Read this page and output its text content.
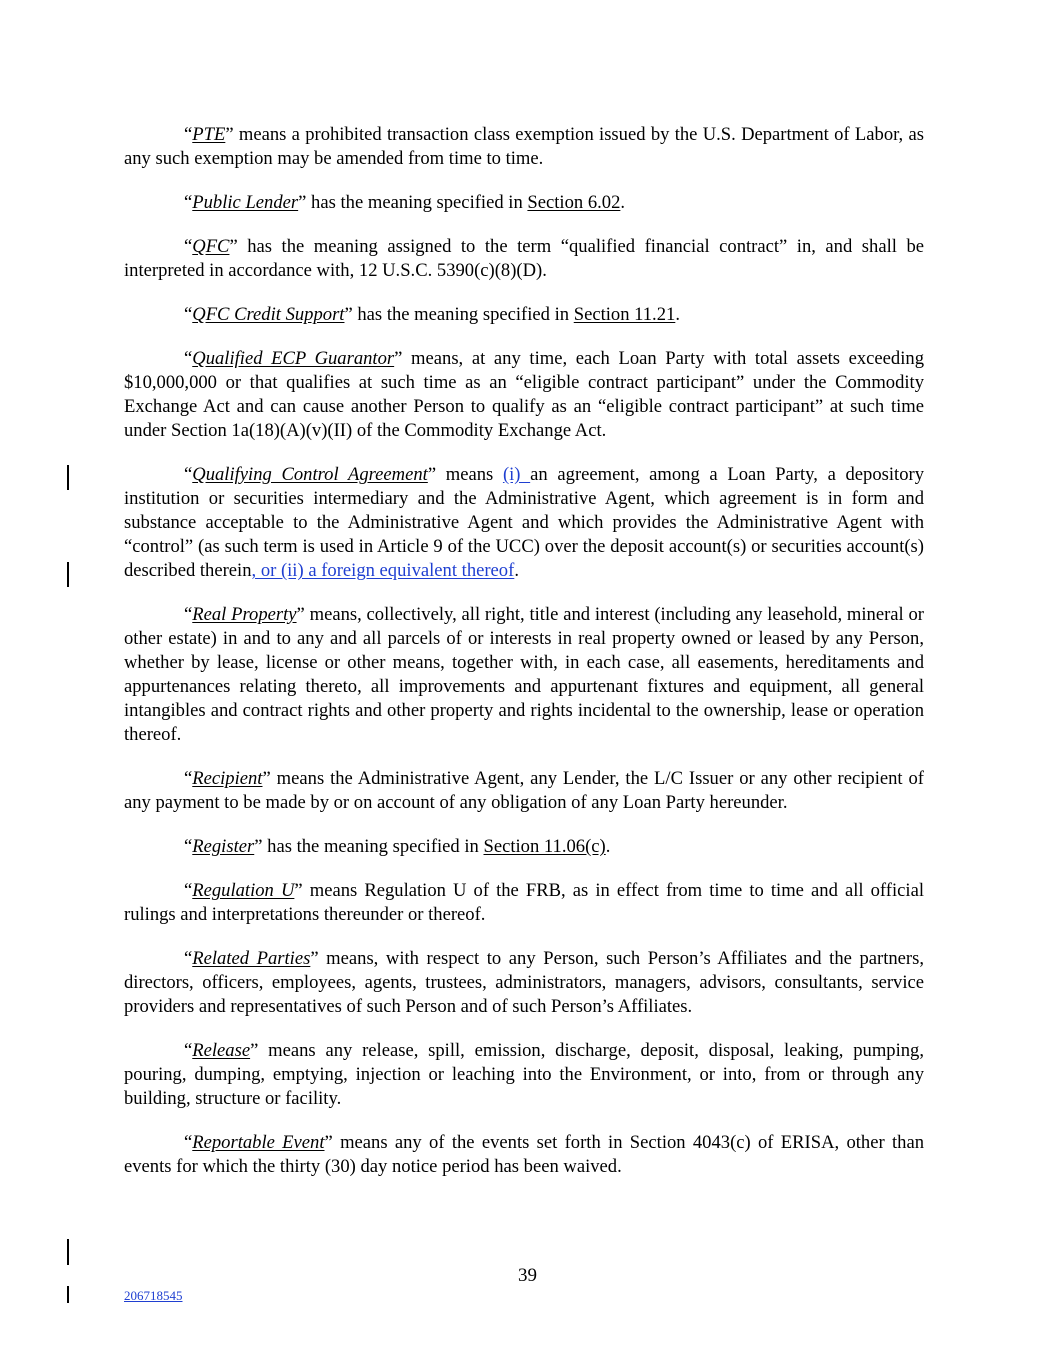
“PTE” means a prohibited transaction class exemption issued by the U.S. Department of Labor, as any such exemption may be amended from time to time.

“Public Lender” has the meaning specified in Section 6.02.

“QFC” has the meaning assigned to the term “qualified financial contract” in, and shall be interpreted in accordance with, 12 U.S.C. 5390(c)(8)(D).

“QFC Credit Support” has the meaning specified in Section 11.21.

“Qualified ECP Guarantor” means, at any time, each Loan Party with total assets exceeding $10,000,000 or that qualifies at such time as an “eligible contract participant” under the Commodity Exchange Act and can cause another Person to qualify as an “eligible contract participant” at such time under Section 1a(18)(A)(v)(II) of the Commodity Exchange Act.

“Qualifying Control Agreement” means (i) an agreement, among a Loan Party, a depository institution or securities intermediary and the Administrative Agent, which agreement is in form and substance acceptable to the Administrative Agent and which provides the Administrative Agent with “control” (as such term is used in Article 9 of the UCC) over the deposit account(s) or securities account(s) described therein, or (ii) a foreign equivalent thereof.

“Real Property” means, collectively, all right, title and interest (including any leasehold, mineral or other estate) in and to any and all parcels of or interests in real property owned or leased by any Person, whether by lease, license or other means, together with, in each case, all easements, hereditaments and appurtenances relating thereto, all improvements and appurtenant fixtures and equipment, all general intangibles and contract rights and other property and rights incidental to the ownership, lease or operation thereof.

“Recipient” means the Administrative Agent, any Lender, the L/C Issuer or any other recipient of any payment to be made by or on account of any obligation of any Loan Party hereunder.

“Register” has the meaning specified in Section 11.06(c).

“Regulation U” means Regulation U of the FRB, as in effect from time to time and all official rulings and interpretations thereunder or thereof.

“Related Parties” means, with respect to any Person, such Person’s Affiliates and the partners, directors, officers, employees, agents, trustees, administrators, managers, advisors, consultants, service providers and representatives of such Person and of such Person’s Affiliates.

“Release” means any release, spill, emission, discharge, deposit, disposal, leaking, pumping, pouring, dumping, emptying, injection or leaching into the Environment, or into, from or through any building, structure or facility.

“Reportable Event” means any of the events set forth in Section 4043(c) of ERISA, other than events for which the thirty (30) day notice period has been waived.

39
206718545
